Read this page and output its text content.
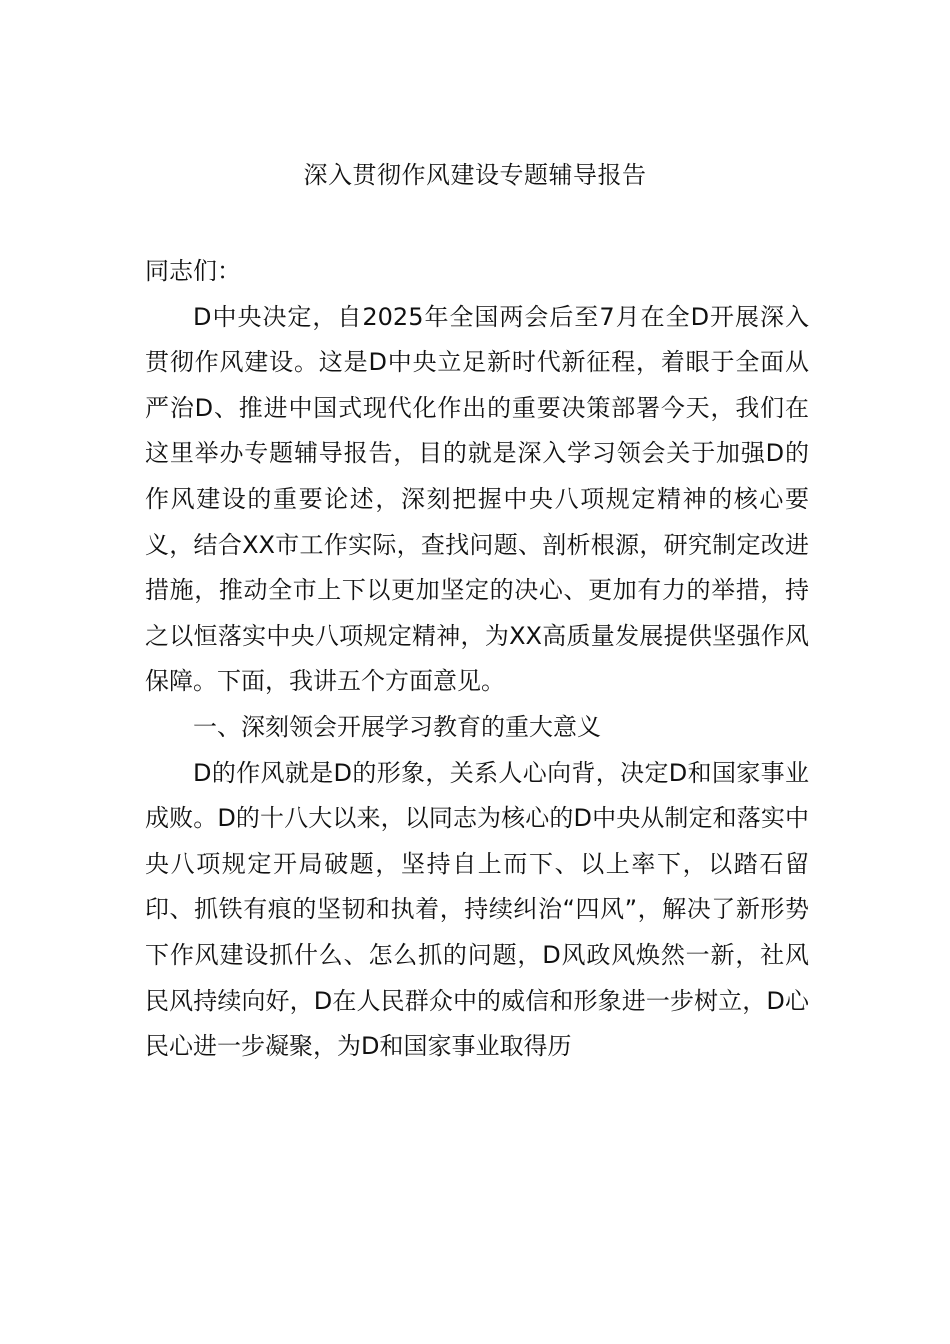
深入贯彻作风建设专题辅导报告

同志们：

D中央决定，自2025年全国两会后至7月在全D开展深入贯彻作风建设。这是D中央立足新时代新征程，着眼于全面从严治D、推进中国式现代化作出的重要决策部署今天，我们在这里举办专题辅导报告，目的就是深入学习领会关于加强D的作风建设的重要论述，深刻把握中央八项规定精神的核心要义，结合XX市工作实际，查找问题、剖析根源，研究制定改进措施，推动全市上下以更加坚定的决心、更加有力的举措，持之以恒落实中央八项规定精神，为XX高质量发展提供坚强作风保障。下面，我讲五个方面意见。

一、深刻领会开展学习教育的重大意义

D的作风就是D的形象，关系人心向背，决定D和国家事业成败。D的十八大以来，以同志为核心的D中央从制定和落实中央八项规定开局破题，坚持自上而下、以上率下，以踏石留印、抓铁有痕的坚韧和执着，持续纠治“四风”，解决了新形势下作风建设抓什么、怎么抓的问题，D风政风焕然一新，社风民风持续向好，D在人民群众中的威信和形象进一步树立，D心民心进一步凝聚，为D和国家事业取得历
